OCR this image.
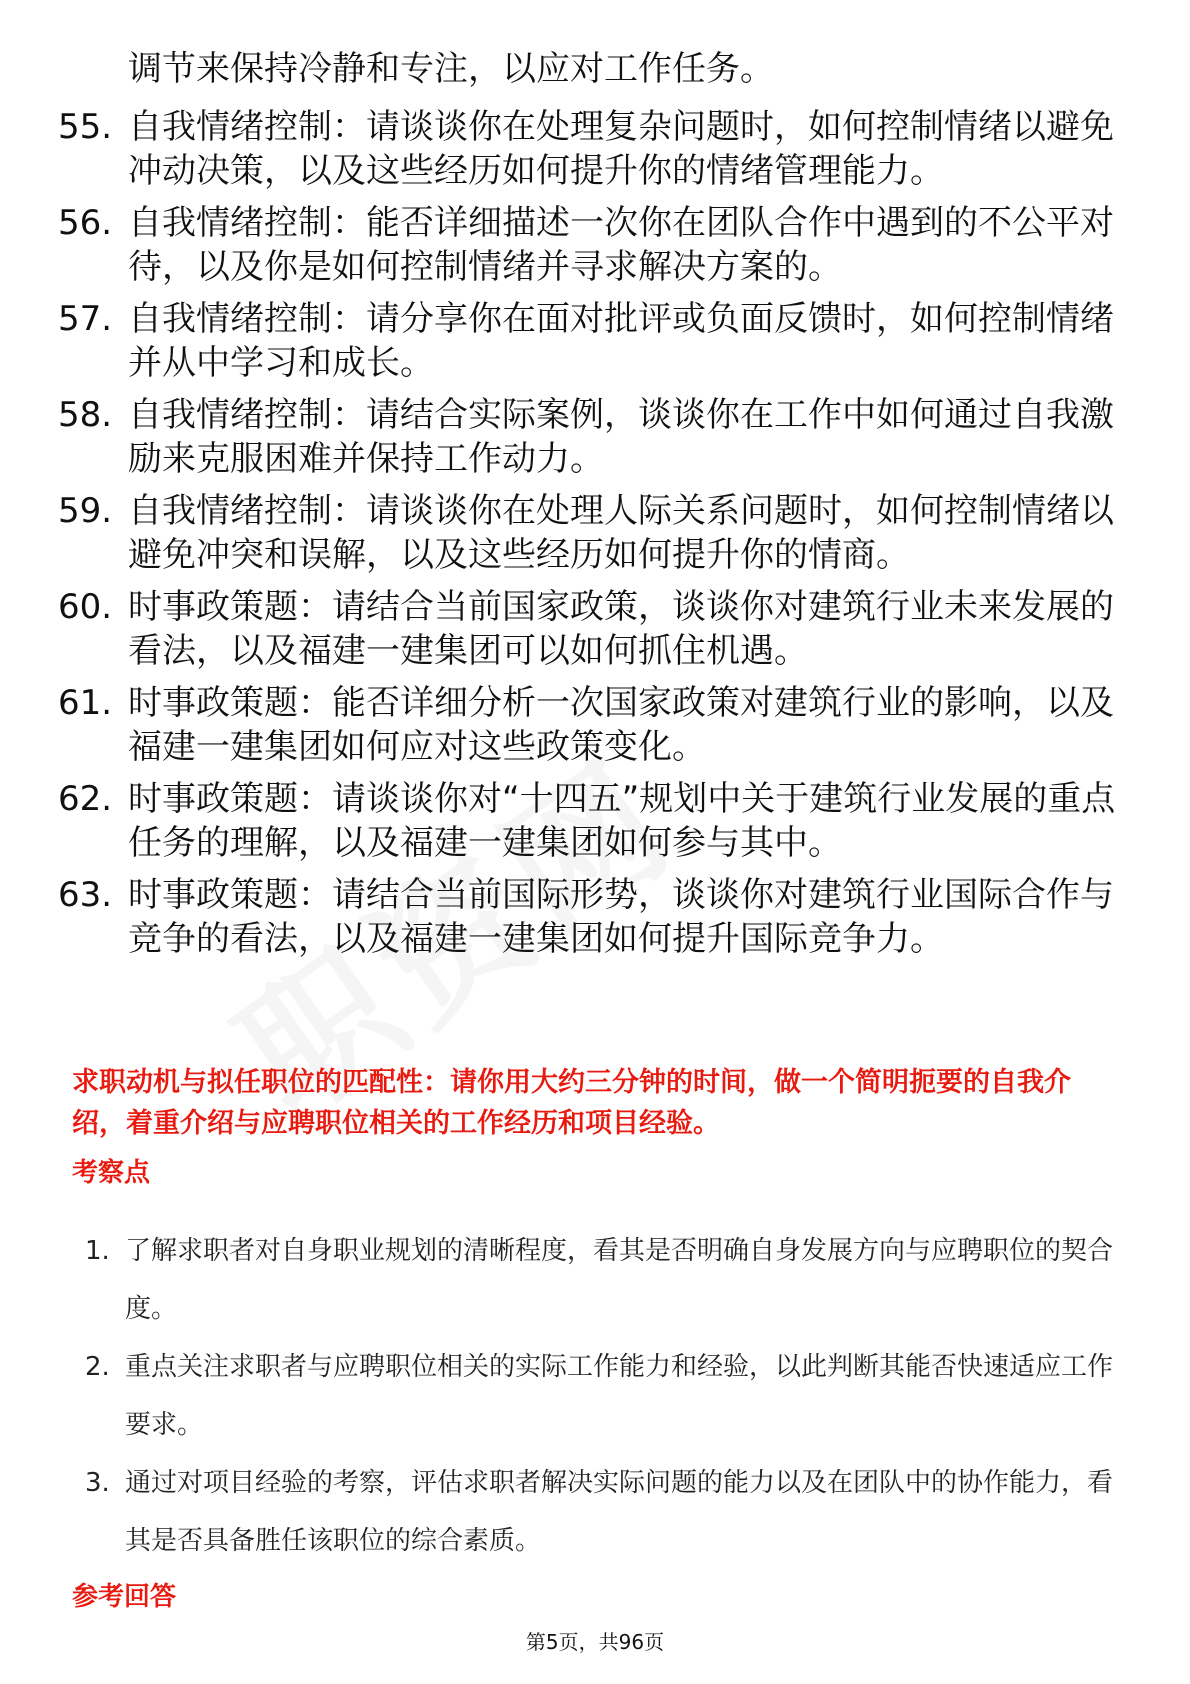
调节来保持冷静和专注，以应对工作任务。
55. 自我情绪控制：请谈谈你在处理复杂问题时，如何控制情绪以避免冲动决策，以及这些经历如何提升你的情绪管理能力。
56. 自我情绪控制：能否详细描述一次你在团队合作中遇到的不公平对待，以及你是如何控制情绪并寻求解决方案的。
57. 自我情绪控制：请分享你在面对批评或负面反馈时，如何控制情绪并从中学习和成长。
58. 自我情绪控制：请结合实际案例，谈谈你在工作中如何通过自我激励来克服困难并保持工作动力。
59. 自我情绪控制：请谈谈你在处理人际关系问题时，如何控制情绪以避免冲突和误解，以及这些经历如何提升你的情商。
60. 时事政策题：请结合当前国家政策，谈谈你对建筑行业未来发展的看法，以及福建一建集团可以如何抓住机遇。
61. 时事政策题：能否详细分析一次国家政策对建筑行业的影响，以及福建一建集团如何应对这些政策变化。
62. 时事政策题：请谈谈你对“十四五”规划中关于建筑行业发展的重点任务的理解，以及福建一建集团如何参与其中。
63. 时事政策题：请结合当前国际形势，谈谈你对建筑行业国际合作与竞争的看法，以及福建一建集团如何提升国际竞争力。
求职动机与拟任职位的匹配性：请你用大约三分钟的时间，做一个简明扼要的自我介绍，着重介绍与应聘职位相关的工作经历和项目经验。
考察点
1. 了解求职者对自身职业规划的清晰程度，看其是否明确自身发展方向与应聘职位的契合度。
2. 重点关注求职者与应聘职位相关的实际工作能力和经验，以此判断其能否快速适应工作要求。
3. 通过对项目经验的考察，评估求职者解决实际问题的能力以及在团队中的协作能力，看其是否具备胜任该职位的综合素质。
参考回答
第5页，共96页
